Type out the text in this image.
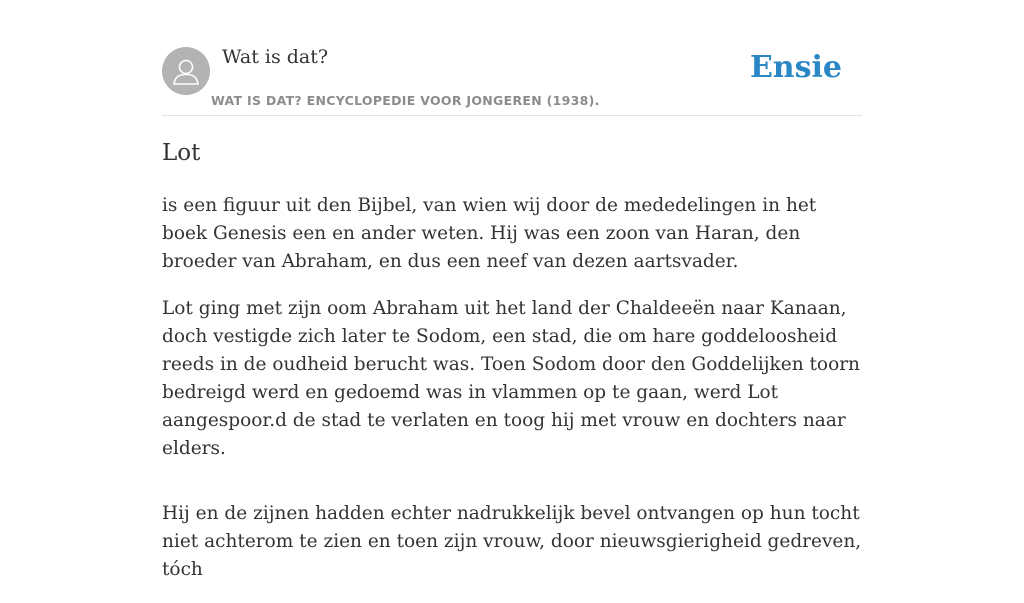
Wat is dat?
WAT IS DAT? ENCYCLOPEDIE VOOR JONGEREN (1938).
Ensie
Lot

is een figuur uit den Bijbel, van wien wij door de mededelingen in het boek Genesis een en ander weten. Hij was een zoon van Haran, den broeder van Abraham, en dus een neef van dezen aartsvader.

Lot ging met zijn oom Abraham uit het land der Chaldeeën naar Kanaan, doch vestigde zich later te Sodom, een stad, die om hare goddeloosheid reeds in de oudheid berucht was. Toen Sodom door den Goddelijken toorn bedreigd werd en gedoemd was in vlammen op te gaan, werd Lot aangespoor.d de stad te verlaten en toog hij met vrouw en dochters naar elders.

Hij en de zijnen hadden echter nadrukkelijk bevel ontvangen op hun tocht niet achterom te zien en toen zijn vrouw, door nieuwsgierigheid gedreven, tóch
